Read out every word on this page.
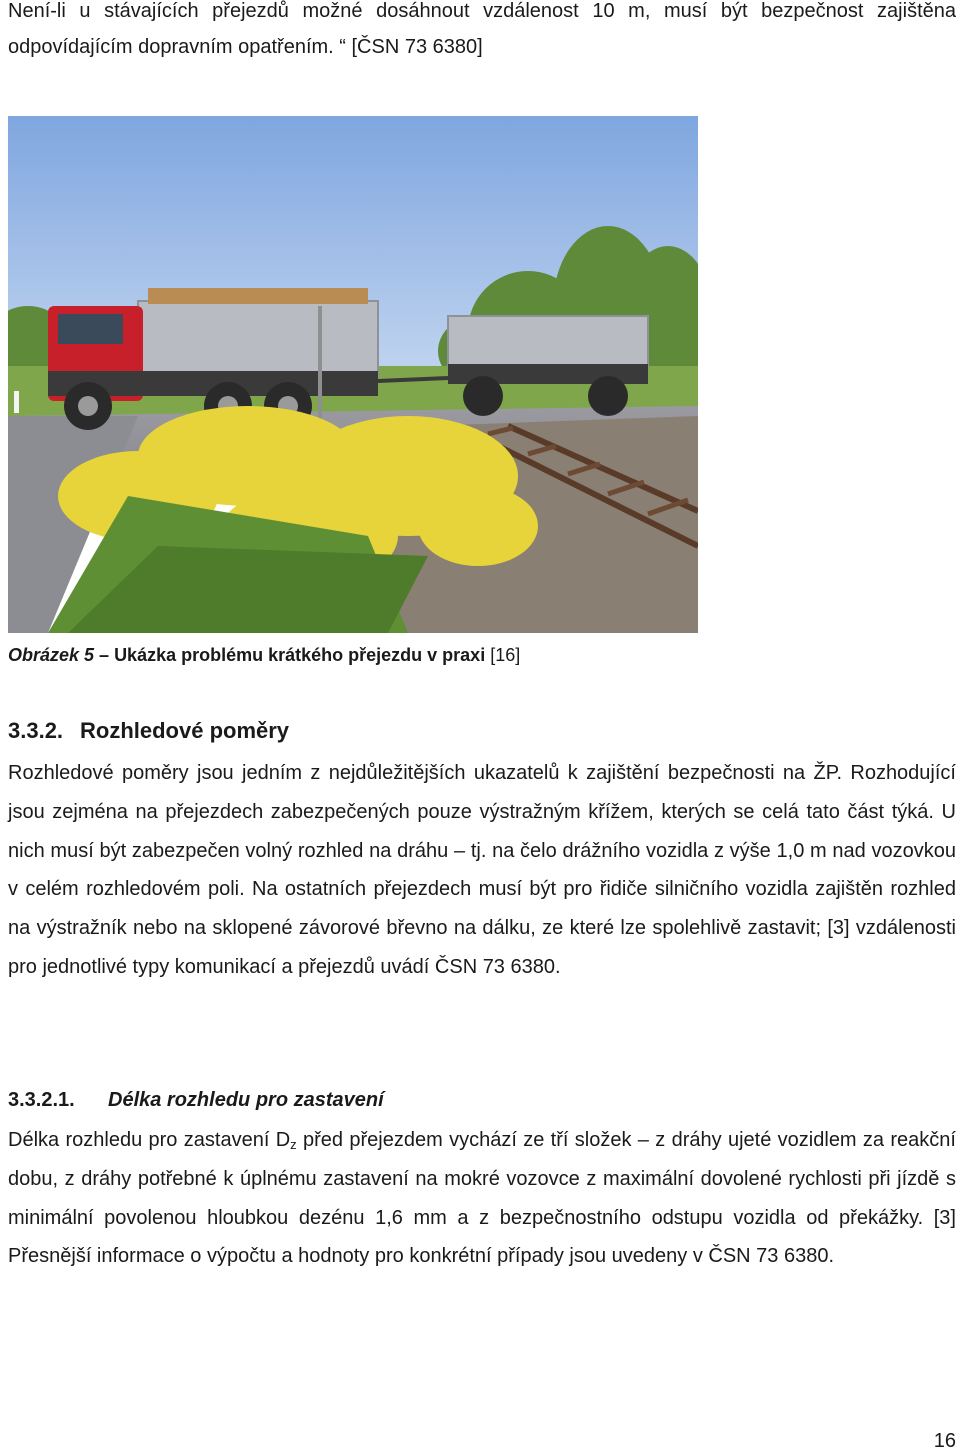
Není-li u stávajících přejezdů možné dosáhnout vzdálenost 10 m, musí být bezpečnost zajištěna odpovídajícím dopravním opatřením. “ [ČSN 73 6380]

Obrázek 5 – Ukázka problému krátkého přejezdu v praxi [16]
3.3.2. Rozhledové poměry

Rozhledové poměry jsou jedním z nejdůležitějších ukazatelů k zajištění bezpečnosti na ŽP. Rozhodující jsou zejména na přejezdech zabezpečených pouze výstražným křížem, kterých se celá tato část týká. U nich musí být zabezpečen volný rozhled na dráhu – tj. na čelo drážního vozidla z výše 1,0 m nad vozovkou v celém rozhledovém poli. Na ostatních přejezdech musí být pro řidiče silničního vozidla zajištěn rozhled na výstražník nebo na sklopené závorové břevno na dálku, ze které lze spolehlivě zastavit; [3] vzdálenosti pro jednotlivé typy komunikací a přejezdů uvádí ČSN 73 6380.

3.3.2.1. Délka rozhledu pro zastavení

Délka rozhledu pro zastavení $D_z$ před přejezdem vychází ze tří složek – z dráhy ujeté vozidlem za reakční dobu, z dráhy potřebné k úplnému zastavení na mokré vozovce z maximální dovolené rychlosti při jízdě s minimální povolenou hloubkou dezénu 1,6 mm a z bezpečnostního odstupu vozidla od překážky. [3] Přesnější informace o výpočtu a hodnoty pro konkrétní případy jsou uvedeny v ČSN 73 6380.

16
